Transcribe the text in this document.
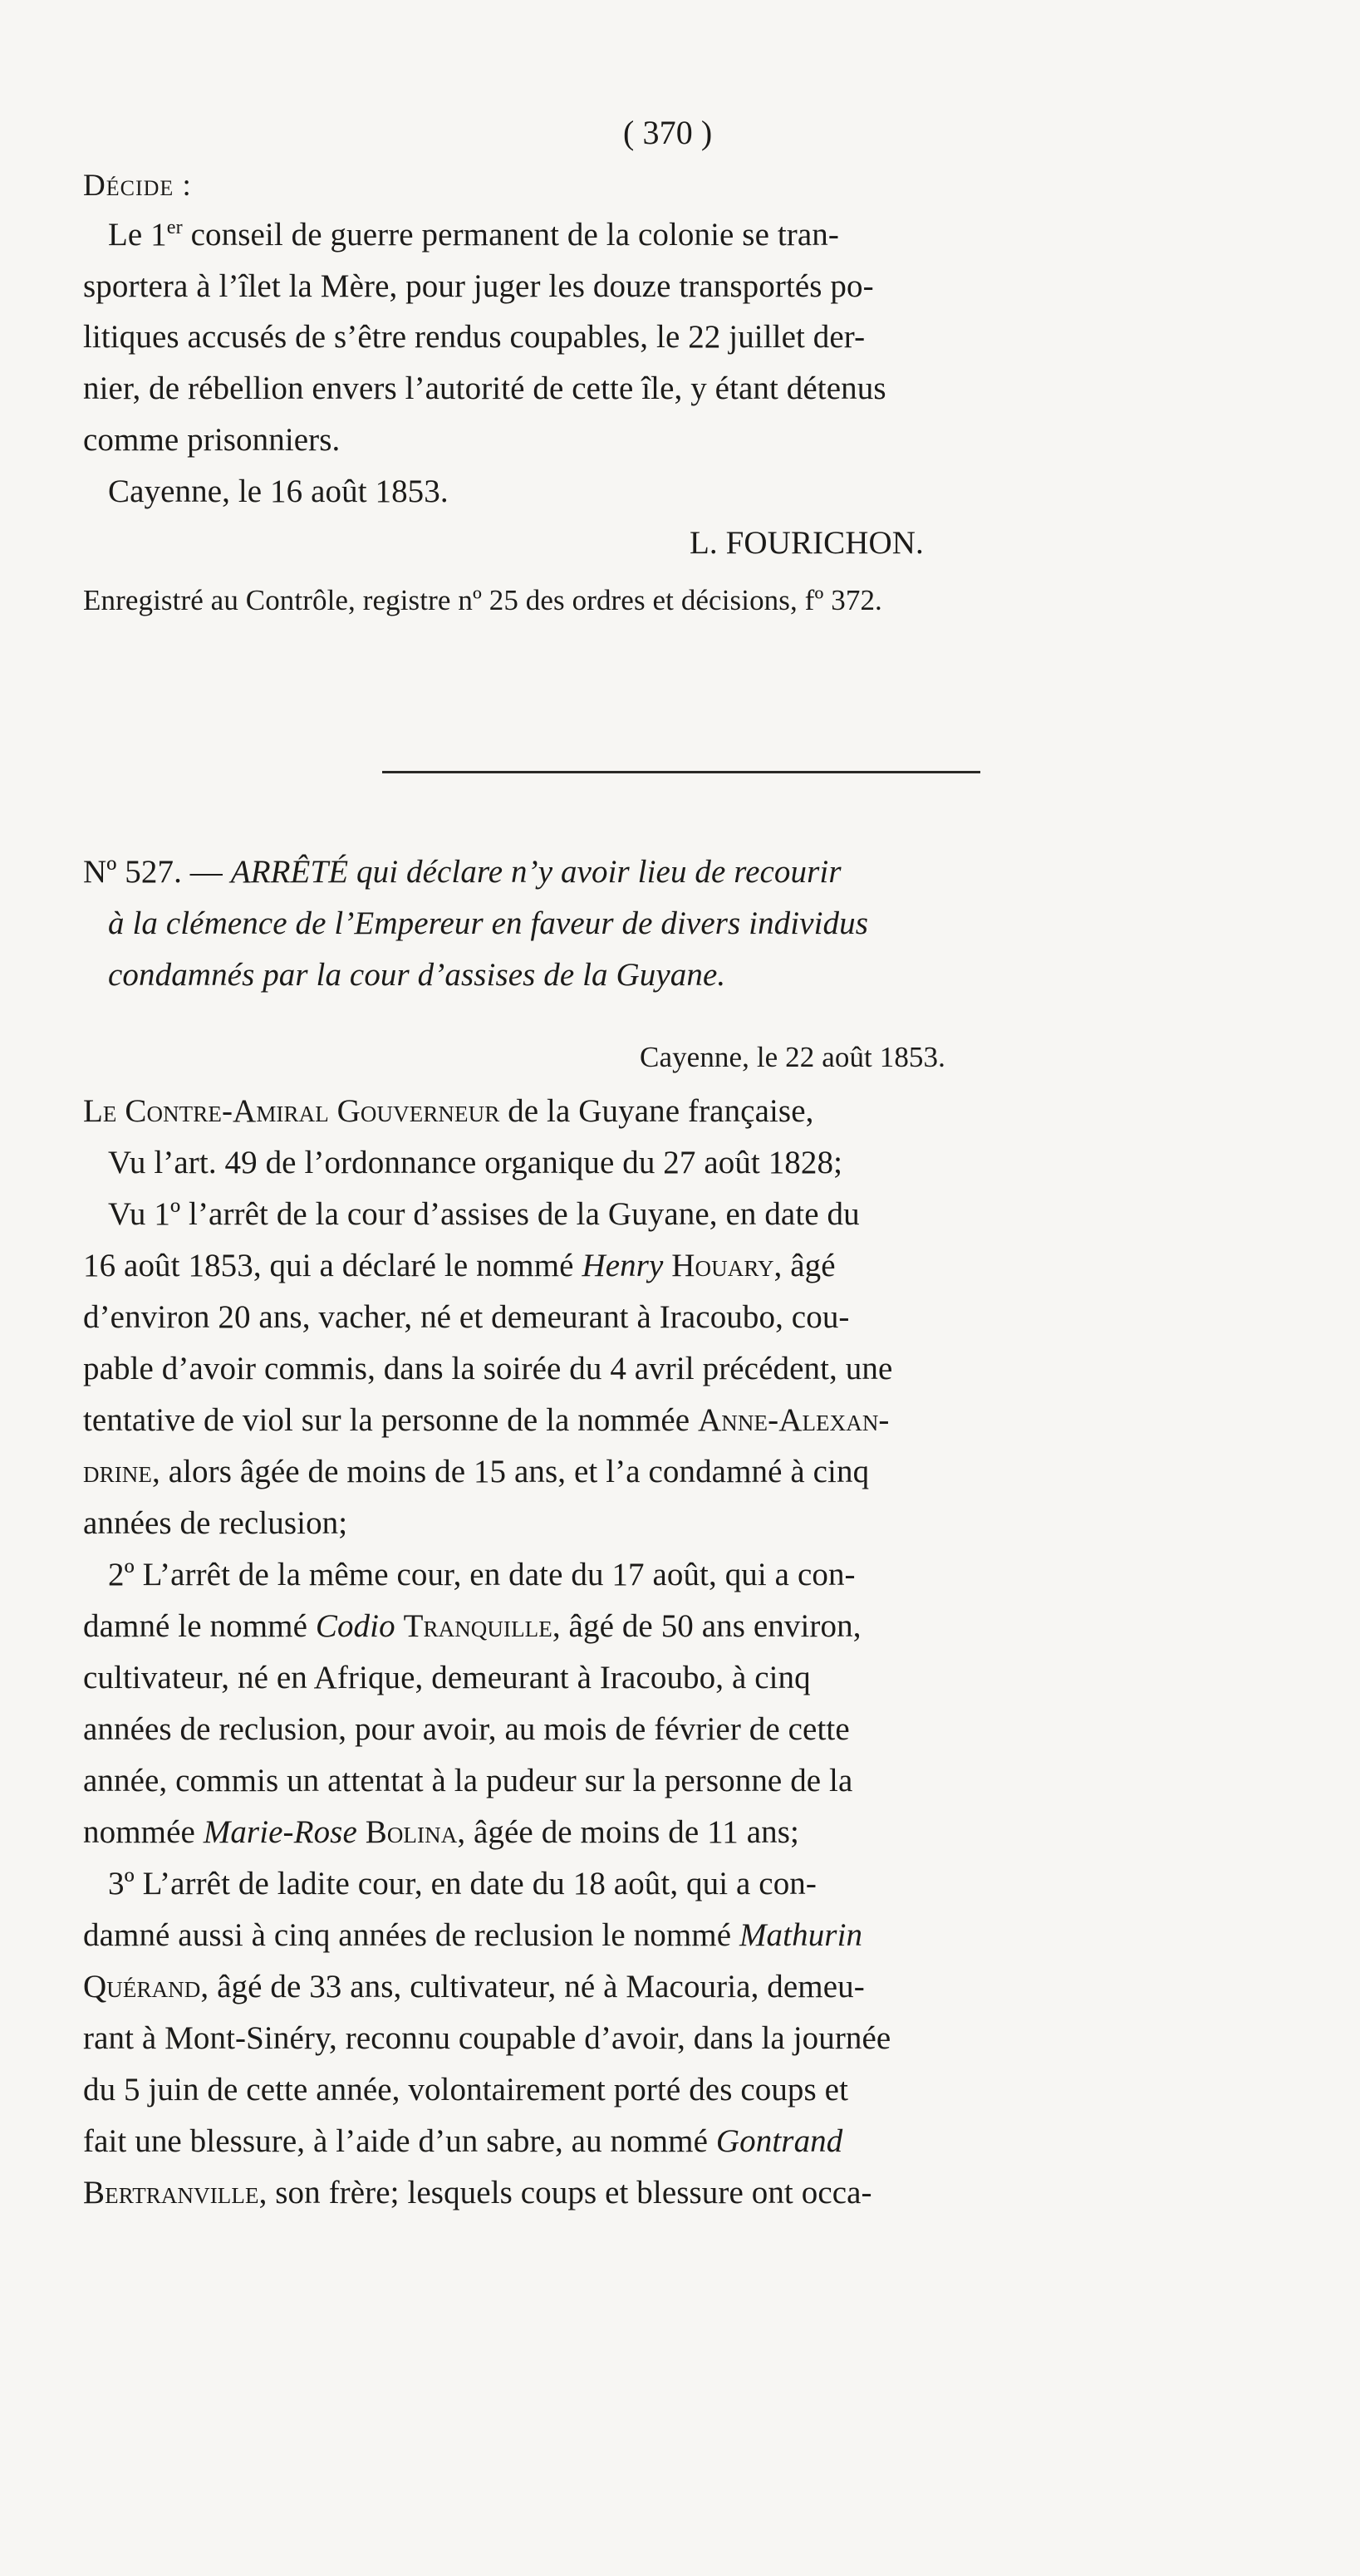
( 370 )
Décide :
Le 1er conseil de guerre permanent de la colonie se tran-
sportera à l’îlet la Mère, pour juger les douze transportés po-
litiques accusés de s’être rendus coupables, le 22 juillet der-
nier, de rébellion envers l’autorité de cette île, y étant détenus
comme prisonniers.
Cayenne, le 16 août 1853.
L. FOURICHON.
Enregistré au Contrôle, registre nº 25 des ordres et décisions, fº 372.
Nº 527. — ARRÊTÉ qui déclare n’y avoir lieu de recourir
à la clémence de l’Empereur en faveur de divers individus
condamnés par la cour d’assises de la Guyane.
Cayenne, le 22 août 1853.
Le Contre-Amiral Gouverneur de la Guyane française,
Vu l’art. 49 de l’ordonnance organique du 27 août 1828;
Vu 1º l’arrêt de la cour d’assises de la Guyane, en date du
16 août 1853, qui a déclaré le nommé Henry Houary, âgé
d’environ 20 ans, vacher, né et demeurant à Iracoubo, cou-
pable d’avoir commis, dans la soirée du 4 avril précédent, une
tentative de viol sur la personne de la nommée Anne-Alexan-
drine, alors âgée de moins de 15 ans, et l’a condamné à cinq
années de reclusion;
2º L’arrêt de la même cour, en date du 17 août, qui a con-
damné le nommé Codio Tranquille, âgé de 50 ans environ,
cultivateur, né en Afrique, demeurant à Iracoubo, à cinq
années de reclusion, pour avoir, au mois de février de cette
année, commis un attentat à la pudeur sur la personne de la
nommée Marie-Rose Bolina, âgée de moins de 11 ans;
3º L’arrêt de ladite cour, en date du 18 août, qui a con-
damné aussi à cinq années de reclusion le nommé Mathurin
Quérand, âgé de 33 ans, cultivateur, né à Macouria, demeu-
rant à Mont-Sinéry, reconnu coupable d’avoir, dans la journée
du 5 juin de cette année, volontairement porté des coups et
fait une blessure, à l’aide d’un sabre, au nommé Gontrand
Bertranville, son frère; lesquels coups et blessure ont occa-
